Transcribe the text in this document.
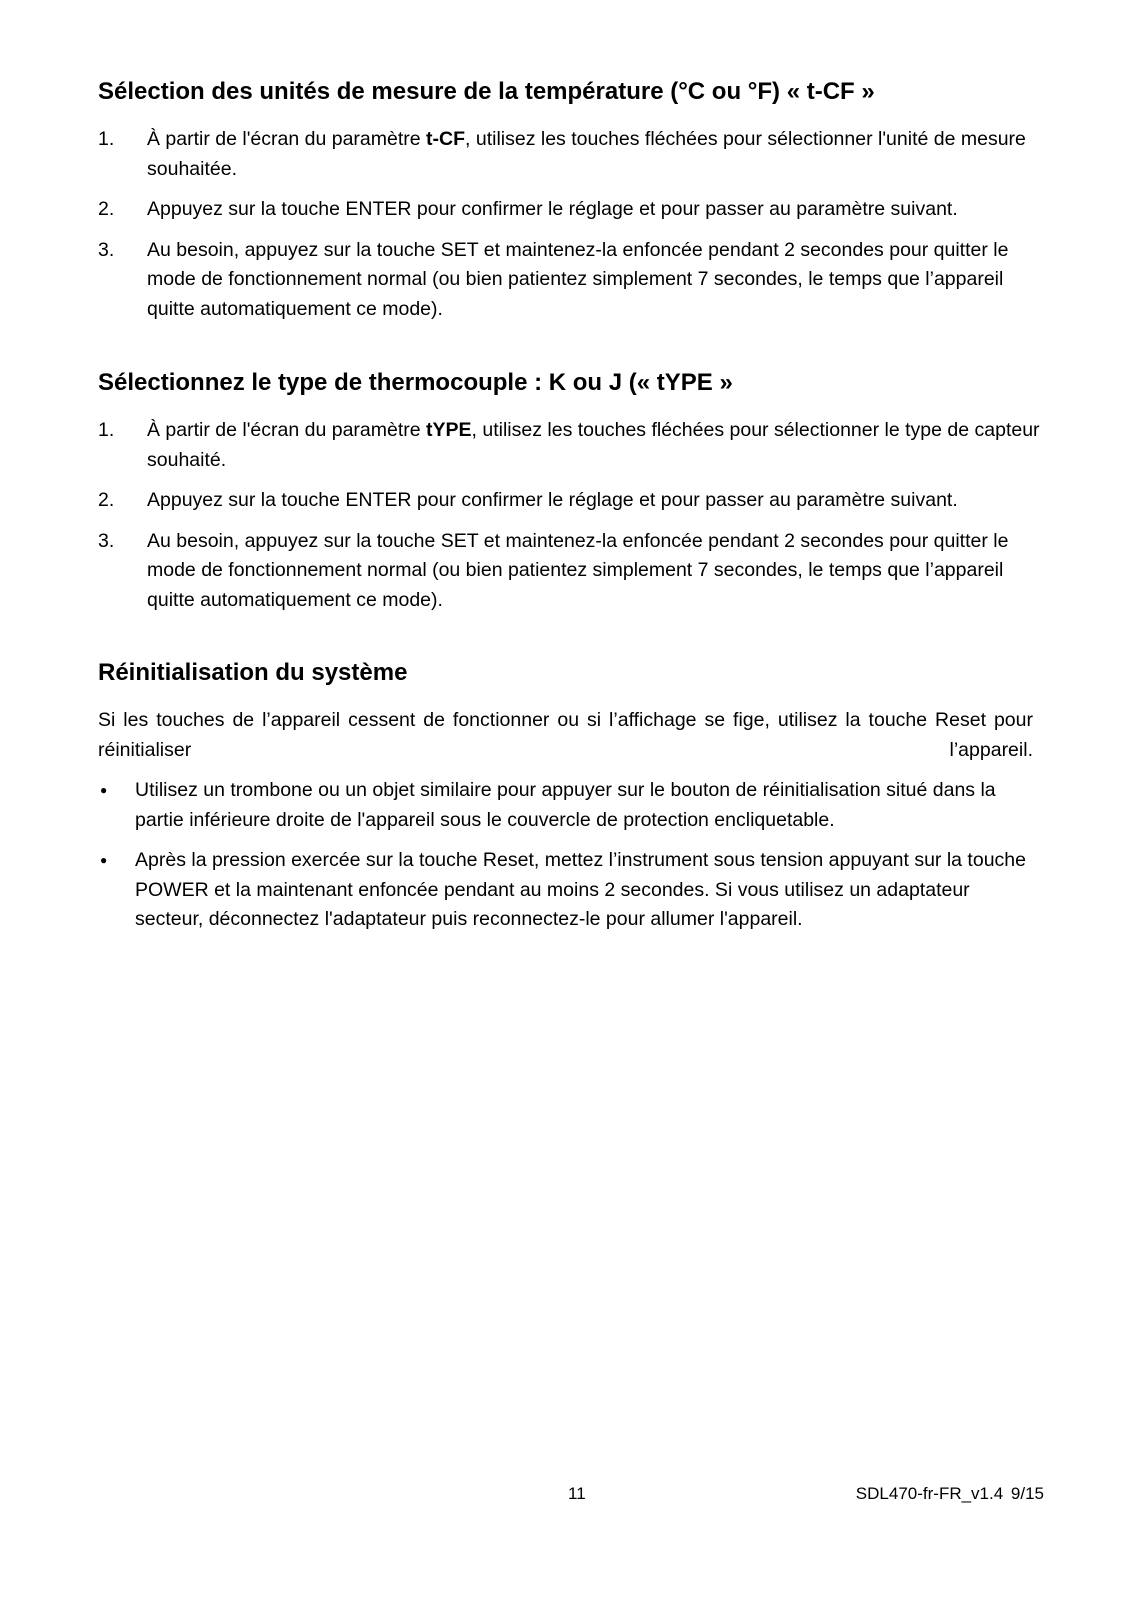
Sélection des unités de mesure de la température (°C ou °F) « t-CF »
1. À partir de l'écran du paramètre t-CF, utilisez les touches fléchées pour sélectionner l'unité de mesure souhaitée.
2. Appuyez sur la touche ENTER pour confirmer le réglage et pour passer au paramètre suivant.
3. Au besoin, appuyez sur la touche SET et maintenez-la enfoncée pendant 2 secondes pour quitter le mode de fonctionnement normal (ou bien patientez simplement 7 secondes, le temps que l’appareil quitte automatiquement ce mode).
Sélectionnez le type de thermocouple : K ou J (« tYPE »
1. À partir de l'écran du paramètre tYPE, utilisez les touches fléchées pour sélectionner le type de capteur souhaité.
2. Appuyez sur la touche ENTER pour confirmer le réglage et pour passer au paramètre suivant.
3. Au besoin, appuyez sur la touche SET et maintenez-la enfoncée pendant 2 secondes pour quitter le mode de fonctionnement normal (ou bien patientez simplement 7 secondes, le temps que l’appareil quitte automatiquement ce mode).
Réinitialisation du système
Si les touches de l’appareil cessent de fonctionner ou si l’affichage se fige, utilisez la touche Reset pour réinitialiser l’appareil.
● Utilisez un trombone ou un objet similaire pour appuyer sur le bouton de réinitialisation situé dans la partie inférieure droite de l'appareil sous le couvercle de protection encliquetable.
● Après la pression exercée sur la touche Reset, mettez l’instrument sous tension appuyant sur la touche POWER et la maintenant enfoncée pendant au moins 2 secondes. Si vous utilisez un adaptateur secteur, déconnectez l'adaptateur puis reconnectez-le pour allumer l'appareil.
11	SDL470-fr-FR_v1.4 9/15
